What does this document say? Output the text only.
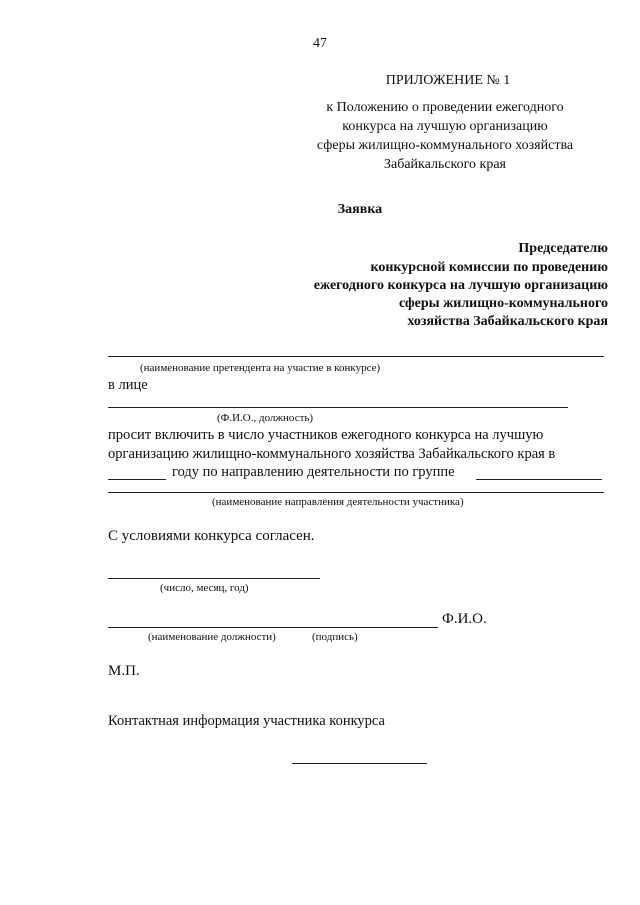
47
ПРИЛОЖЕНИЕ № 1
к Положению о проведении ежегодного
конкурса на лучшую организацию
сферы жилищно-коммунального хозяйства
Забайкальского края
Заявка
Председателю
конкурсной комиссии по проведению
ежегодного конкурса на лучшую организацию
сферы жилищно-коммунального
хозяйства Забайкальского края
(наименование претендента на участие в конкурсе)
в лице
(Ф.И.О., должность)
просит включить в число участников ежегодного конкурса на лучшую
организацию жилищно-коммунального хозяйства Забайкальского края в
году по направлению деятельности по группе
(наименование направления деятельности участника)
С условиями конкурса согласен.
(число, месяц, год)
Ф.И.О.
(наименование должности)	(подпись)
М.П.
Контактная информация участника конкурса
